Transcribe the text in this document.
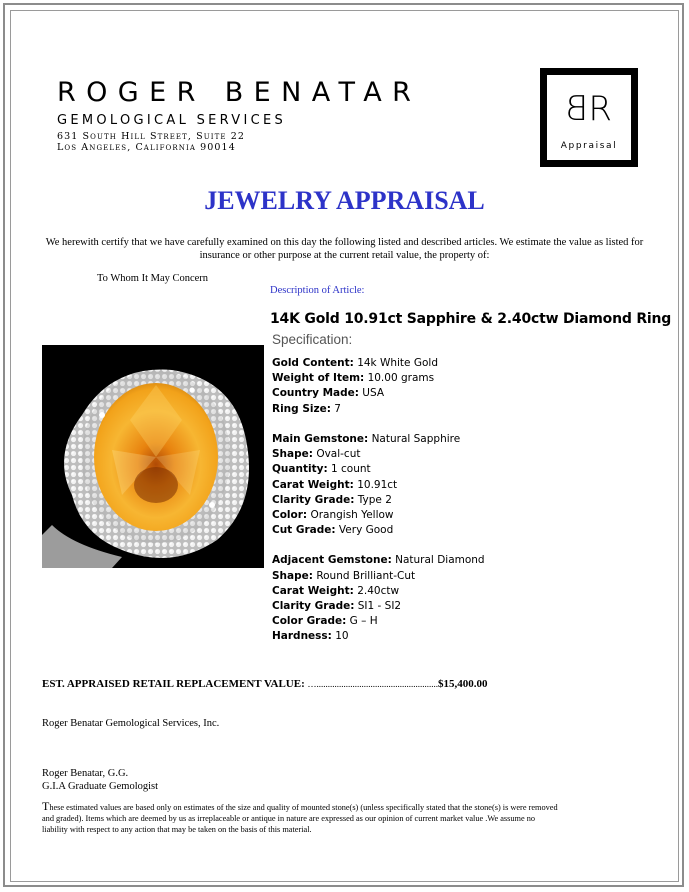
ROGER BENATAR
GEMOLOGICAL SERVICES
631 South Hill Street, Suite 22
Los Angeles, California 90014
BR
Appraisal
JEWELRY APPRAISAL
We herewith certify that we have carefully examined on this day the following listed and described articles. We estimate the value as listed for insurance or other purpose at the current retail value, the property of:
To Whom It May Concern
Description of Article:
14K Gold 10.91ct Sapphire & 2.40ctw Diamond Ring
Specification:
Gold Content: 14k White Gold
Weight of Item: 10.00 grams
Country Made: USA
Ring Size: 7
Main Gemstone: Natural Sapphire
Shape: Oval-cut
Quantity: 1 count
Carat Weight: 10.91ct
Clarity Grade: Type 2
Color: Orangish Yellow
Cut Grade: Very Good
Adjacent Gemstone: Natural Diamond
Shape: Round Brilliant-Cut
Carat Weight: 2.40ctw
Clarity Grade: SI1 - SI2
Color Grade: G – H
Hardness: 10
EST. APPRAISED RETAIL REPLACEMENT VALUE: …......................................................$15,400.00
Roger Benatar Gemological Services, Inc.
Roger Benatar, G.G.
G.I.A Graduate Gemologist
These estimated values are based only on estimates of the size and quality of mounted stone(s) (unless specifically stated that the stone(s) is were removed and graded). Items which are deemed by us as irreplaceable or antique in nature are expressed as our opinion of current market value .We assume no liability with respect to any action that may be taken on the basis of this material.
